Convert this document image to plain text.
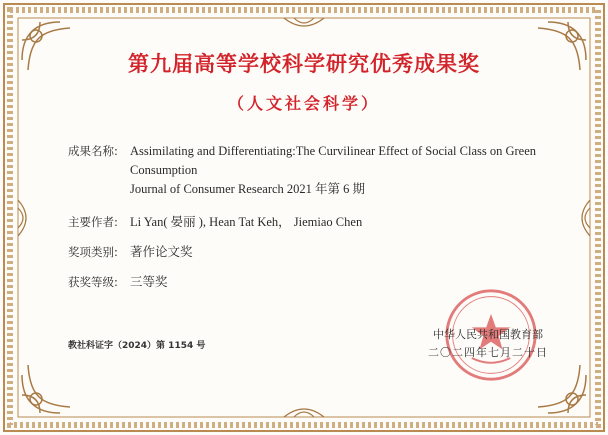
第九届高等学校科学研究优秀成果奖
（人文社会科学）
成果名称: Assimilating and Differentiating:The Curvilinear Effect of Social Class on Green
Consumption
Journal of Consumer Research 2021 年第 6 期
主要作者: Li Yan( 晏丽 ), Hean Tat Keh， Jiemiao Chen
奖项类别: 著作论文奖
获奖等级: 三等奖
教社科证字（2024）第 1154 号
中华人民共和国教育部
二〇二四年七月二十日
